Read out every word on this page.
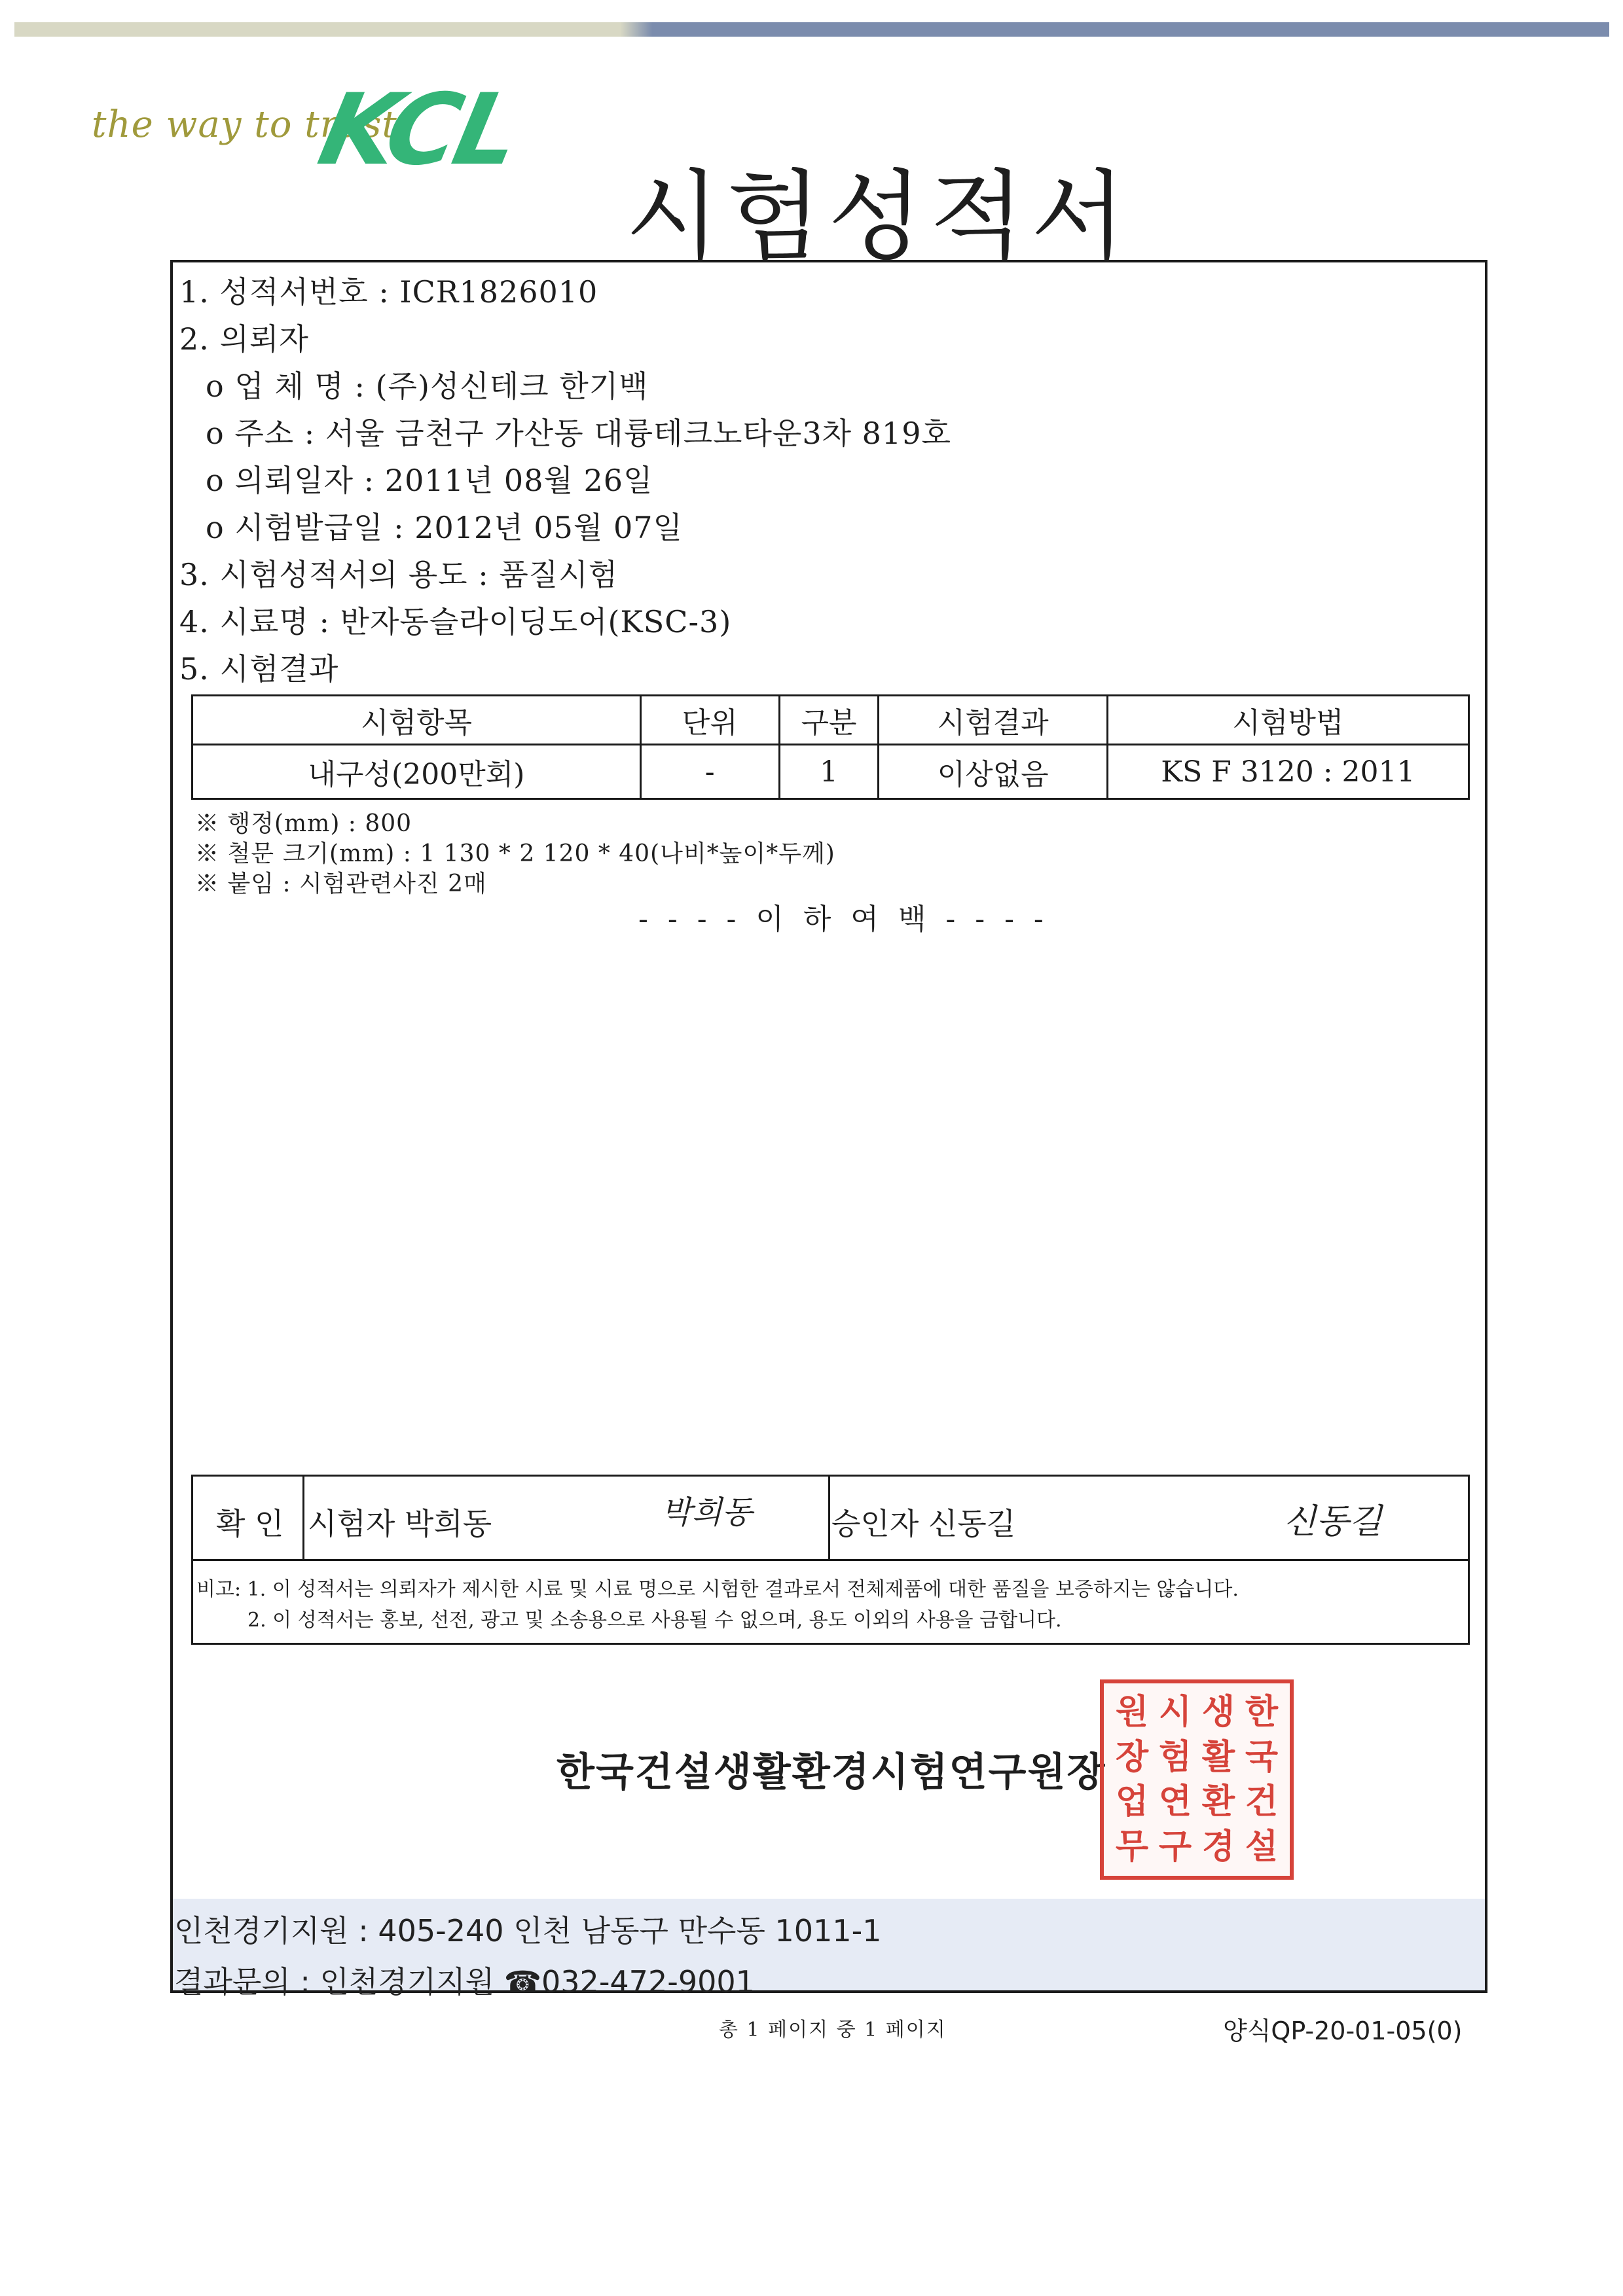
the way to trust
KCL
시험성적서
1. 성적서번호 : ICR1826010
2. 의뢰자
o 업 체 명 : (주)성신테크 한기백
o 주소 : 서울 금천구 가산동 대륭테크노타운3차 819호
o 의뢰일자 : 2011년 08월 26일
o 시험발급일 : 2012년 05월 07일
3. 시험성적서의 용도 : 품질시험
4. 시료명 : 반자동슬라이딩도어(KSC-3)
5. 시험결과
시험항목	단위	구분	시험결과	시험방법
내구성(200만회)	-	1	이상없음	KS F 3120 : 2011
※ 행정(mm) : 800
※ 철문 크기(mm) : 1 130 * 2 120 * 40(나비*높이*두께)
※ 붙임 : 시험관련사진 2매
- - - - 이 하 여 백 - - - -
확 인 시험자 박희동	박희동	승인자 신동길	신동길
비고: 1. 이 성적서는 의뢰자가 제시한 시료 및 시료 명으로 시험한 결과로서 전체제품에 대한 품질을 보증하지는 않습니다.
2. 이 성적서는 홍보, 선전, 광고 및 소송용으로 사용될 수 없으며, 용도 이외의 사용을 금합니다.
한국건설생활환경시험연구원장
원 시 생 한
장 험 활 국
업 연 환 건
무 구 경 설
인천경기지원 : 405-240 인천 남동구 만수동 1011-1
결과문의 : 인천경기지원 ☎032-472-9001
총 1 페이지 중 1 페이지	양식QP-20-01-05(0)
